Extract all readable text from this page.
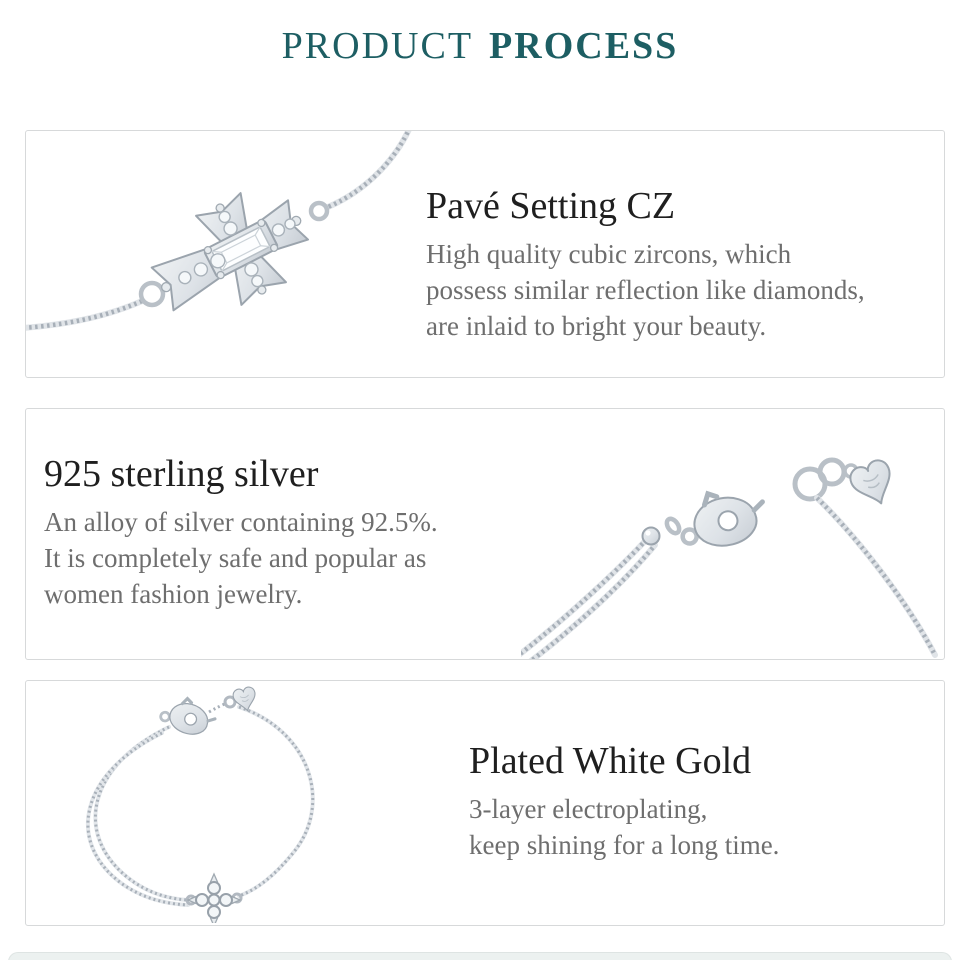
PRODUCT PROCESS
Pavé Setting CZ

High quality cubic zircons, which
possess similar reflection like diamonds,
are inlaid to bright your beauty.

925 sterling silver

An alloy of silver containing 92.5%.
It is completely safe and popular as
women fashion jewelry.

Plated White Gold

3-layer electroplating,
keep shining for a long time.
